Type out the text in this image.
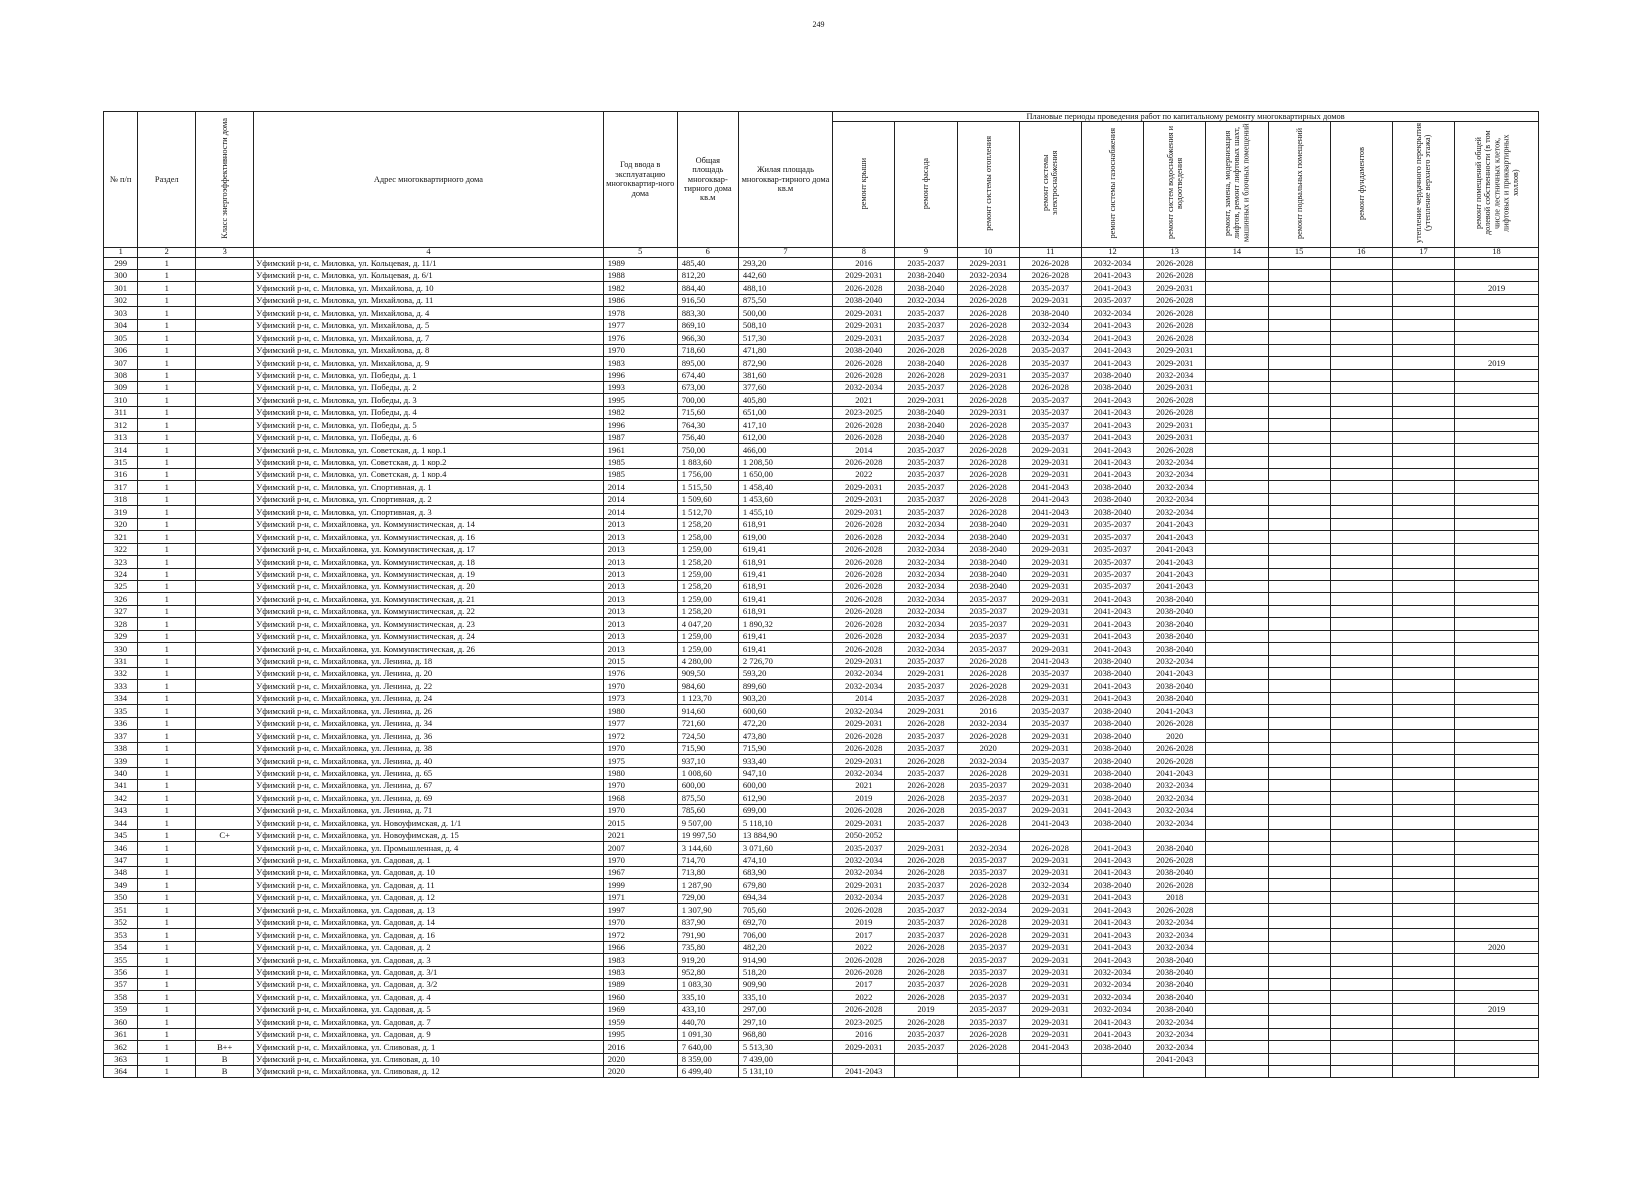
249
№ п/п	Раздел	Класс энергоэффективности дома	Адрес многоквартирного дома	Год ввода в эксплуатацию многоквартир-ного дома	Общая площадь многоквар-тирного дома кв.м	Жилая площадь многоквар-тирного дома кв.м	Плановые периоды проведения работ по капитальному ремонту многоквартирных домов										
							ремонт крыши	ремонт фасада	ремонт системы отопления	ремонт системы электроснабжения	ремонт системы газоснабжения	ремонт систем водоснабжения и водоотведения	ремонт, замена, модернизация лифтов, ремонт лифтовых шахт, машинных и блочных помещений	ремонт подвальных помещений	ремонт фундаментов	утепление чердачного перекрытия (утепление верхнего этажа)	ремонт помещений общей долевой собственности (в том числе лестничных клеток, лифтовых и приквартирных холлов)
1	2	3	4	5	6	7	8	9	10	11	12	13	14	15	16	17	18
299	1		Уфимский р-н, с. Миловка, ул. Кольцевая, д. 11/1	1989	485,40	293,20	2016	2035-2037	2029-2031	2026-2028	2032-2034	2026-2028					
300	1		Уфимский р-н, с. Миловка, ул. Кольцевая, д. 6/1	1988	812,20	442,60	2029-2031	2038-2040	2032-2034	2026-2028	2041-2043	2026-2028					
301	1		Уфимский р-н, с. Миловка, ул. Михайлова, д. 10	1982	884,40	488,10	2026-2028	2038-2040	2026-2028	2035-2037	2041-2043	2029-2031					2019
302	1		Уфимский р-н, с. Миловка, ул. Михайлова, д. 11	1986	916,50	875,50	2038-2040	2032-2034	2026-2028	2029-2031	2035-2037	2026-2028					
303	1		Уфимский р-н, с. Миловка, ул. Михайлова, д. 4	1978	883,30	500,00	2029-2031	2035-2037	2026-2028	2038-2040	2032-2034	2026-2028					
304	1		Уфимский р-н, с. Миловка, ул. Михайлова, д. 5	1977	869,10	508,10	2029-2031	2035-2037	2026-2028	2032-2034	2041-2043	2026-2028					
305	1		Уфимский р-н, с. Миловка, ул. Михайлова, д. 7	1976	966,30	517,30	2029-2031	2035-2037	2026-2028	2032-2034	2041-2043	2026-2028					
306	1		Уфимский р-н, с. Миловка, ул. Михайлова, д. 8	1970	718,60	471,80	2038-2040	2026-2028	2026-2028	2035-2037	2041-2043	2029-2031					
307	1		Уфимский р-н, с. Миловка, ул. Михайлова, д. 9	1983	895,00	872,90	2026-2028	2038-2040	2026-2028	2035-2037	2041-2043	2029-2031					2019
308	1		Уфимский р-н, с. Миловка, ул. Победы, д. 1	1996	674,40	381,60	2026-2028	2026-2028	2029-2031	2035-2037	2038-2040	2032-2034					
309	1		Уфимский р-н, с. Миловка, ул. Победы, д. 2	1993	673,00	377,60	2032-2034	2035-2037	2026-2028	2026-2028	2038-2040	2029-2031					
310	1		Уфимский р-н, с. Миловка, ул. Победы, д. 3	1995	700,00	405,80	2021	2029-2031	2026-2028	2035-2037	2041-2043	2026-2028					
311	1		Уфимский р-н, с. Миловка, ул. Победы, д. 4	1982	715,60	651,00	2023-2025	2038-2040	2029-2031	2035-2037	2041-2043	2026-2028					
312	1		Уфимский р-н, с. Миловка, ул. Победы, д. 5	1996	764,30	417,10	2026-2028	2038-2040	2026-2028	2035-2037	2041-2043	2029-2031					
313	1		Уфимский р-н, с. Миловка, ул. Победы, д. 6	1987	756,40	612,00	2026-2028	2038-2040	2026-2028	2035-2037	2041-2043	2029-2031					
314	1		Уфимский р-н, с. Миловка, ул. Советская, д. 1 кор.1	1961	750,00	466,00	2014	2035-2037	2026-2028	2029-2031	2041-2043	2026-2028					
315	1		Уфимский р-н, с. Миловка, ул. Советская, д. 1 кор.2	1985	1 883,60	1 208,50	2026-2028	2035-2037	2026-2028	2029-2031	2041-2043	2032-2034					
316	1		Уфимский р-н, с. Миловка, ул. Советская, д. 1 кор.4	1985	1 756,00	1 650,00	2022	2035-2037	2026-2028	2029-2031	2041-2043	2032-2034					
317	1		Уфимский р-н, с. Миловка, ул. Спортивная, д. 1	2014	1 515,50	1 458,40	2029-2031	2035-2037	2026-2028	2041-2043	2038-2040	2032-2034					
318	1		Уфимский р-н, с. Миловка, ул. Спортивная, д. 2	2014	1 509,60	1 453,60	2029-2031	2035-2037	2026-2028	2041-2043	2038-2040	2032-2034					
319	1		Уфимский р-н, с. Миловка, ул. Спортивная, д. 3	2014	1 512,70	1 455,10	2029-2031	2035-2037	2026-2028	2041-2043	2038-2040	2032-2034					
320	1		Уфимский р-н, с. Михайловка, ул. Коммунистическая, д. 14	2013	1 258,20	618,91	2026-2028	2032-2034	2038-2040	2029-2031	2035-2037	2041-2043					
321	1		Уфимский р-н, с. Михайловка, ул. Коммунистическая, д. 16	2013	1 258,00	619,00	2026-2028	2032-2034	2038-2040	2029-2031	2035-2037	2041-2043					
322	1		Уфимский р-н, с. Михайловка, ул. Коммунистическая, д. 17	2013	1 259,00	619,41	2026-2028	2032-2034	2038-2040	2029-2031	2035-2037	2041-2043					
323	1		Уфимский р-н, с. Михайловка, ул. Коммунистическая, д. 18	2013	1 258,20	618,91	2026-2028	2032-2034	2038-2040	2029-2031	2035-2037	2041-2043					
324	1		Уфимский р-н, с. Михайловка, ул. Коммунистическая, д. 19	2013	1 259,00	619,41	2026-2028	2032-2034	2038-2040	2029-2031	2035-2037	2041-2043					
325	1		Уфимский р-н, с. Михайловка, ул. Коммунистическая, д. 20	2013	1 258,20	618,91	2026-2028	2032-2034	2038-2040	2029-2031	2035-2037	2041-2043					
326	1		Уфимский р-н, с. Михайловка, ул. Коммунистическая, д. 21	2013	1 259,00	619,41	2026-2028	2032-2034	2035-2037	2029-2031	2041-2043	2038-2040					
327	1		Уфимский р-н, с. Михайловка, ул. Коммунистическая, д. 22	2013	1 258,20	618,91	2026-2028	2032-2034	2035-2037	2029-2031	2041-2043	2038-2040					
328	1		Уфимский р-н, с. Михайловка, ул. Коммунистическая, д. 23	2013	4 047,20	1 890,32	2026-2028	2032-2034	2035-2037	2029-2031	2041-2043	2038-2040					
329	1		Уфимский р-н, с. Михайловка, ул. Коммунистическая, д. 24	2013	1 259,00	619,41	2026-2028	2032-2034	2035-2037	2029-2031	2041-2043	2038-2040					
330	1		Уфимский р-н, с. Михайловка, ул. Коммунистическая, д. 26	2013	1 259,00	619,41	2026-2028	2032-2034	2035-2037	2029-2031	2041-2043	2038-2040					
331	1		Уфимский р-н, с. Михайловка, ул. Ленина, д. 18	2015	4 280,00	2 726,70	2029-2031	2035-2037	2026-2028	2041-2043	2038-2040	2032-2034					
332	1		Уфимский р-н, с. Михайловка, ул. Ленина, д. 20	1976	909,50	593,20	2032-2034	2029-2031	2026-2028	2035-2037	2038-2040	2041-2043					
333	1		Уфимский р-н, с. Михайловка, ул. Ленина, д. 22	1970	984,60	899,60	2032-2034	2035-2037	2026-2028	2029-2031	2041-2043	2038-2040					
334	1		Уфимский р-н, с. Михайловка, ул. Ленина, д. 24	1973	1 123,70	903,20	2014	2035-2037	2026-2028	2029-2031	2041-2043	2038-2040					
335	1		Уфимский р-н, с. Михайловка, ул. Ленина, д. 26	1980	914,60	600,60	2032-2034	2029-2031	2016	2035-2037	2038-2040	2041-2043					
336	1		Уфимский р-н, с. Михайловка, ул. Ленина, д. 34	1977	721,60	472,20	2029-2031	2026-2028	2032-2034	2035-2037	2038-2040	2026-2028					
337	1		Уфимский р-н, с. Михайловка, ул. Ленина, д. 36	1972	724,50	473,80	2026-2028	2035-2037	2026-2028	2029-2031	2038-2040	2020					
338	1		Уфимский р-н, с. Михайловка, ул. Ленина, д. 38	1970	715,90	715,90	2026-2028	2035-2037	2020	2029-2031	2038-2040	2026-2028					
339	1		Уфимский р-н, с. Михайловка, ул. Ленина, д. 40	1975	937,10	933,40	2029-2031	2026-2028	2032-2034	2035-2037	2038-2040	2026-2028					
340	1		Уфимский р-н, с. Михайловка, ул. Ленина, д. 65	1980	1 008,60	947,10	2032-2034	2035-2037	2026-2028	2029-2031	2038-2040	2041-2043					
341	1		Уфимский р-н, с. Михайловка, ул. Ленина, д. 67	1970	600,00	600,00	2021	2026-2028	2035-2037	2029-2031	2038-2040	2032-2034					
342	1		Уфимский р-н, с. Михайловка, ул. Ленина, д. 69	1968	875,50	612,90	2019	2026-2028	2035-2037	2029-2031	2038-2040	2032-2034					
343	1		Уфимский р-н, с. Михайловка, ул. Ленина, д. 71	1970	785,60	699,00	2026-2028	2026-2028	2035-2037	2029-2031	2041-2043	2032-2034					
344	1		Уфимский р-н, с. Михайловка, ул. Новоуфимская, д. 1/1	2015	9 507,00	5 118,10	2029-2031	2035-2037	2026-2028	2041-2043	2038-2040	2032-2034					
345	1	C+	Уфимский р-н, с. Михайловка, ул. Новоуфимская, д. 15	2021	19 997,50	13 884,90	2050-2052										
346	1		Уфимский р-н, с. Михайловка, ул. Промышленная, д. 4	2007	3 144,60	3 071,60	2035-2037	2029-2031	2032-2034	2026-2028	2041-2043	2038-2040					
347	1		Уфимский р-н, с. Михайловка, ул. Садовая, д. 1	1970	714,70	474,10	2032-2034	2026-2028	2035-2037	2029-2031	2041-2043	2026-2028					
348	1		Уфимский р-н, с. Михайловка, ул. Садовая, д. 10	1967	713,80	683,90	2032-2034	2026-2028	2035-2037	2029-2031	2041-2043	2038-2040					
349	1		Уфимский р-н, с. Михайловка, ул. Садовая, д. 11	1999	1 287,90	679,80	2029-2031	2035-2037	2026-2028	2032-2034	2038-2040	2026-2028					
350	1		Уфимский р-н, с. Михайловка, ул. Садовая, д. 12	1971	729,00	694,34	2032-2034	2035-2037	2026-2028	2029-2031	2041-2043	2018					
351	1		Уфимский р-н, с. Михайловка, ул. Садовая, д. 13	1997	1 307,90	705,60	2026-2028	2035-2037	2032-2034	2029-2031	2041-2043	2026-2028					
352	1		Уфимский р-н, с. Михайловка, ул. Садовая, д. 14	1970	837,90	692,70	2019	2035-2037	2026-2028	2029-2031	2041-2043	2032-2034					
353	1		Уфимский р-н, с. Михайловка, ул. Садовая, д. 16	1972	791,90	706,00	2017	2035-2037	2026-2028	2029-2031	2041-2043	2032-2034					
354	1		Уфимский р-н, с. Михайловка, ул. Садовая, д. 2	1966	735,80	482,20	2022	2026-2028	2035-2037	2029-2031	2041-2043	2032-2034					2020
355	1		Уфимский р-н, с. Михайловка, ул. Садовая, д. 3	1983	919,20	914,90	2026-2028	2026-2028	2035-2037	2029-2031	2041-2043	2038-2040					
356	1		Уфимский р-н, с. Михайловка, ул. Садовая, д. 3/1	1983	952,80	518,20	2026-2028	2026-2028	2035-2037	2029-2031	2032-2034	2038-2040					
357	1		Уфимский р-н, с. Михайловка, ул. Садовая, д. 3/2	1989	1 083,30	909,90	2017	2035-2037	2026-2028	2029-2031	2032-2034	2038-2040					
358	1		Уфимский р-н, с. Михайловка, ул. Садовая, д. 4	1960	335,10	335,10	2022	2026-2028	2035-2037	2029-2031	2032-2034	2038-2040					
359	1		Уфимский р-н, с. Михайловка, ул. Садовая, д. 5	1969	433,10	297,00	2026-2028	2019	2035-2037	2029-2031	2032-2034	2038-2040					2019
360	1		Уфимский р-н, с. Михайловка, ул. Садовая, д. 7	1959	440,70	297,10	2023-2025	2026-2028	2035-2037	2029-2031	2041-2043	2032-2034					
361	1		Уфимский р-н, с. Михайловка, ул. Садовая, д. 9	1995	1 091,30	968,80	2016	2035-2037	2026-2028	2029-2031	2041-2043	2032-2034					
362	1	B++	Уфимский р-н, с. Михайловка, ул. Сливовая, д. 1	2016	7 640,00	5 513,30	2029-2031	2035-2037	2026-2028	2041-2043	2038-2040	2032-2034					
363	1	B	Уфимский р-н, с. Михайловка, ул. Сливовая, д. 10	2020	8 359,00	7 439,00						2041-2043					
364	1	B	Уфимский р-н, с. Михайловка, ул. Сливовая, д. 12	2020	6 499,40	5 131,10	2041-2043										
